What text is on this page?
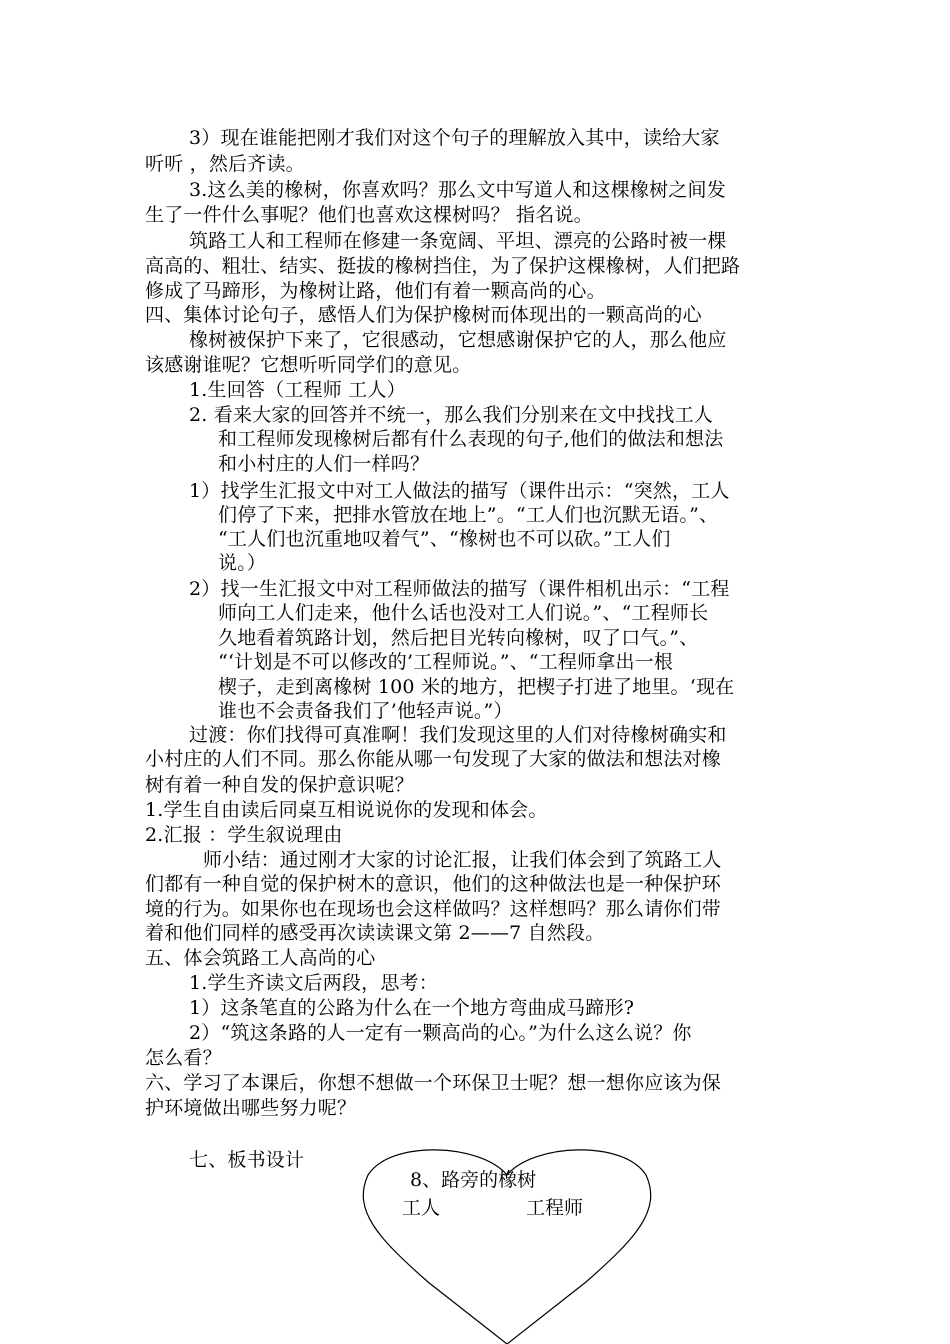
3）现在谁能把刚才我们对这个句子的理解放入其中，读给大家
听听 ，然后齐读。
3.这么美的橡树，你喜欢吗？那么文中写道人和这棵橡树之间发
生了一件什么事呢？他们也喜欢这棵树吗？ 指名说。
筑路工人和工程师在修建一条宽阔、平坦、漂亮的公路时被一棵
高高的、粗壮、结实、挺拔的橡树挡住，为了保护这棵橡树，人们把路
修成了马蹄形，为橡树让路，他们有着一颗高尚的心。
四、集体讨论句子，感悟人们为保护橡树而体现出的一颗高尚的心
橡树被保护下来了，它很感动，它想感谢保护它的人，那么他应
该感谢谁呢？它想听听同学们的意见。
1.生回答（工程师 工人）
2. 看来大家的回答并不统一，那么我们分别来在文中找找工人
和工程师发现橡树后都有什么表现的句子,他们的做法和想法
和小村庄的人们一样吗？
1）找学生汇报文中对工人做法的描写（课件出示：“突然，工人
们停了下来，把排水管放在地上”。“工人们也沉默无语。”、
“工人们也沉重地叹着气”、“橡树也不可以砍。”工人们
说。）
2）找一生汇报文中对工程师做法的描写（课件相机出示：“工程
师向工人们走来，他什么话也没对工人们说。”、“工程师长
久地看着筑路计划，然后把目光转向橡树，叹了口气。”、
“‘计划是不可以修改的’工程师说。”、“工程师拿出一根
楔子，走到离橡树 100 米的地方，把楔子打进了地里。‘现在
谁也不会责备我们了’他轻声说。”）
过渡：你们找得可真准啊！我们发现这里的人们对待橡树确实和
小村庄的人们不同。那么你能从哪一句发现了大家的做法和想法对橡
树有着一种自发的保护意识呢？
1.学生自由读后同桌互相说说你的发现和体会。
2.汇报 ：学生叙说理由
师小结：通过刚才大家的讨论汇报，让我们体会到了筑路工人
们都有一种自觉的保护树木的意识，他们的这种做法也是一种保护环
境的行为。如果你也在现场也会这样做吗？这样想吗？那么请你们带
着和他们同样的感受再次读读课文第 2——7 自然段。
五、体会筑路工人高尚的心
1.学生齐读文后两段，思考：
1）这条笔直的公路为什么在一个地方弯曲成马蹄形?
2）“筑这条路的人一定有一颗高尚的心。”为什么这么说？你
怎么看？
六、学习了本课后，你想不想做一个环保卫士呢？想一想你应该为保
护环境做出哪些努力呢？
七、板书设计
8、路旁的橡树
工人	工程师
